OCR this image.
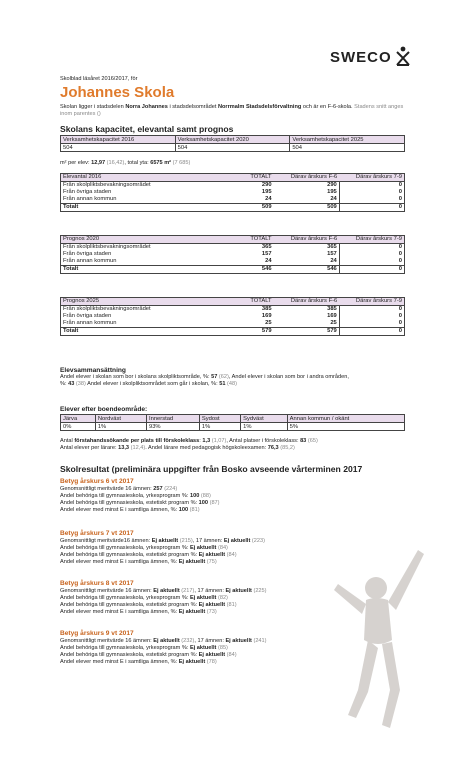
SWECO
Skolblad läsåret 2016/2017, för
Johannes Skola
Skolan ligger i stadsdelen Norra Johannes i stadsdelsområdet Norrmalm Stadsdelsförvaltning och är en F-6-skola. Stadens snitt anges inom parentes ()
Skolans kapacitet, elevantal samt prognos
Verksamhetskapacitet 2016	Verksamhetskapacitet 2020	Verksamhetskapacitet 2025
504	504	504
m² per elev: 12,97 (16,42), total yta: 6575 m² (7 685)
Elevantal 2016	TOTALT	Därav årskurs F-6	Därav årskurs 7-9
Från skolpliktsbevakningsområdet	290	290	0
Från övriga staden	195	195	0
Från annan kommun	24	24	0
Totalt	509	509	0
Prognos 2020	TOTALT	Därav årskurs F-6	Därav årskurs 7-9
Från skolpliktsbevakningsområdet	365	365	0
Från övriga staden	157	157	0
Från annan kommun	24	24	0
Totalt	546	546	0
Prognos 2025	TOTALT	Därav årskurs F-6	Därav årskurs 7-9
Från skolpliktsbevakningsområdet	385	385	0
Från övriga staden	169	169	0
Från annan kommun	25	25	0
Totalt	579	579	0
Elevsammansättning
Andel elever i skolan som bor i skolans skolpliktsområde, %: 57 (62), Andel elever i skolan som bor i andra områden,
%: 43 (38) Andel elever i skolpliktsområdet som går i skolan, %: 51 (48)
Elever efter boendeområde:
Järva	Nordväst	Innerstad	Sydost	Sydväst	Annan kommun / okänt
0%	1%	93%	1%	1%	5%
Antal förstahandssökande per plats till förskoleklass: 1,3 (1,07), Antal platser i förskoleklass: 83 (65)
Antal elever per lärare: 13,3 (12,4). Andel lärare med pedagogisk högskoleexamen: 76,3 (85,2)
Skolresultat (preliminära uppgifter från Bosko avseende vårterminen 2017
Betyg årskurs 6 vt 2017
Genomsnittligt meritvärde 16 ämnen: 257 (224)
Andel behöriga till gymnasieskola, yrkesprogram %: 100 (88)
Andel behöriga till gymnasieskola, estetiskt program %: 100 (87)
Andel elever med minst E i samtliga ämnen, %: 100 (81)
Betyg årskurs 7 vt 2017
Genomsnittligt meritvärde16 ämnen: Ej aktuellt (215), 17 ämnen: Ej aktuellt (223)
Andel behöriga till gymnasieskola, yrkesprogram %: Ej aktuellt (84)
Andel behöriga till gymnasieskola, estetiskt program %: Ej aktuellt (84)
Andel elever med minst E i samtliga ämnen, %: Ej aktuellt (75)
Betyg årskurs 8 vt 2017
Genomsnittligt meritvärde 16 ämnen: Ej aktuellt (217), 17 ämnen: Ej aktuellt (225)
Andel behöriga till gymnasieskola, yrkesprogram %: Ej aktuellt (82)
Andel behöriga till gymnasieskola, estetiskt program %: Ej aktuellt (81)
Andel elever med minst E i samtliga ämnen, %: Ej aktuellt (73)
Betyg årskurs 9 vt 2017
Genomsnittligt meritvärde 16 ämnen: Ej aktuellt (232), 17 ämnen: Ej aktuellt (241)
Andel behöriga till gymnasieskola, yrkesprogram %: Ej aktuellt (85)
Andel behöriga till gymnasieskola, estetiskt program %: Ej aktuellt (84)
Andel elever med minst E i samtliga ämnen, %: Ej aktuellt (78)
